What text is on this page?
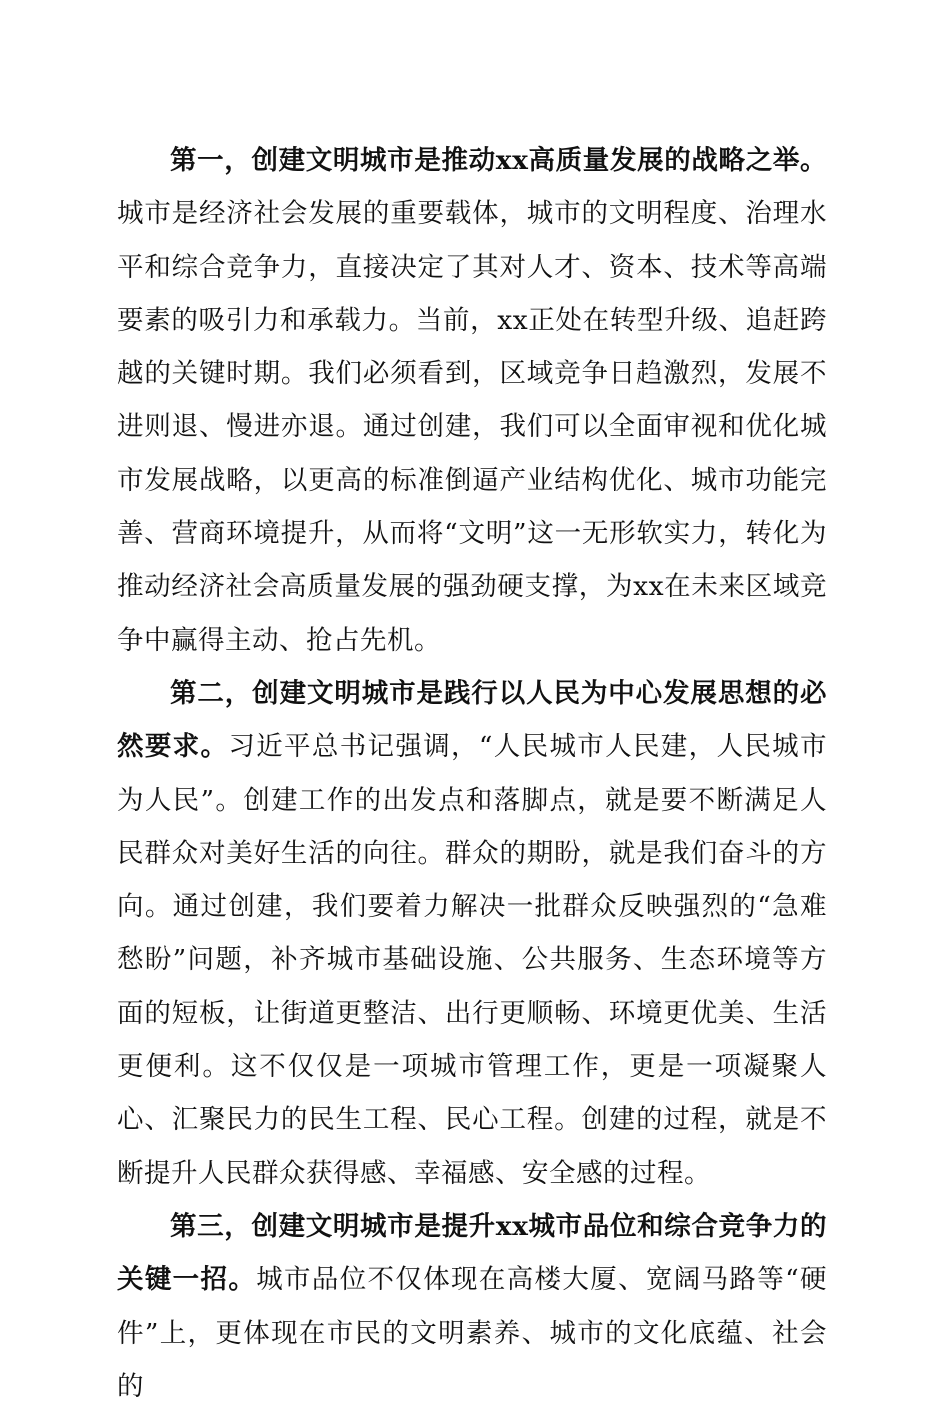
第一，创建文明城市是推动xx高质量发展的战略之举。城市是经济社会发展的重要载体，城市的文明程度、治理水平和综合竞争力，直接决定了其对人才、资本、技术等高端要素的吸引力和承载力。当前，xx正处在转型升级、追赶跨越的关键时期。我们必须看到，区域竞争日趋激烈，发展不进则退、慢进亦退。通过创建，我们可以全面审视和优化城市发展战略，以更高的标准倒逼产业结构优化、城市功能完善、营商环境提升，从而将“文明”这一无形软实力，转化为推动经济社会高质量发展的强劲硬支撑，为xx在未来区域竞争中赢得主动、抢占先机。

第二，创建文明城市是践行以人民为中心发展思想的必然要求。习近平总书记强调，“人民城市人民建，人民城市为人民”。创建工作的出发点和落脚点，就是要不断满足人民群众对美好生活的向往。群众的期盼，就是我们奋斗的方向。通过创建，我们要着力解决一批群众反映强烈的“急难愁盼”问题，补齐城市基础设施、公共服务、生态环境等方面的短板，让街道更整洁、出行更顺畅、环境更优美、生活更便利。这不仅仅是一项城市管理工作，更是一项凝聚人心、汇聚民力的民生工程、民心工程。创建的过程，就是不断提升人民群众获得感、幸福感、安全感的过程。

第三，创建文明城市是提升xx城市品位和综合竞争力的关键一招。城市品位不仅体现在高楼大厦、宽阔马路等“硬件”上，更体现在市民的文明素养、城市的文化底蕴、社会的
